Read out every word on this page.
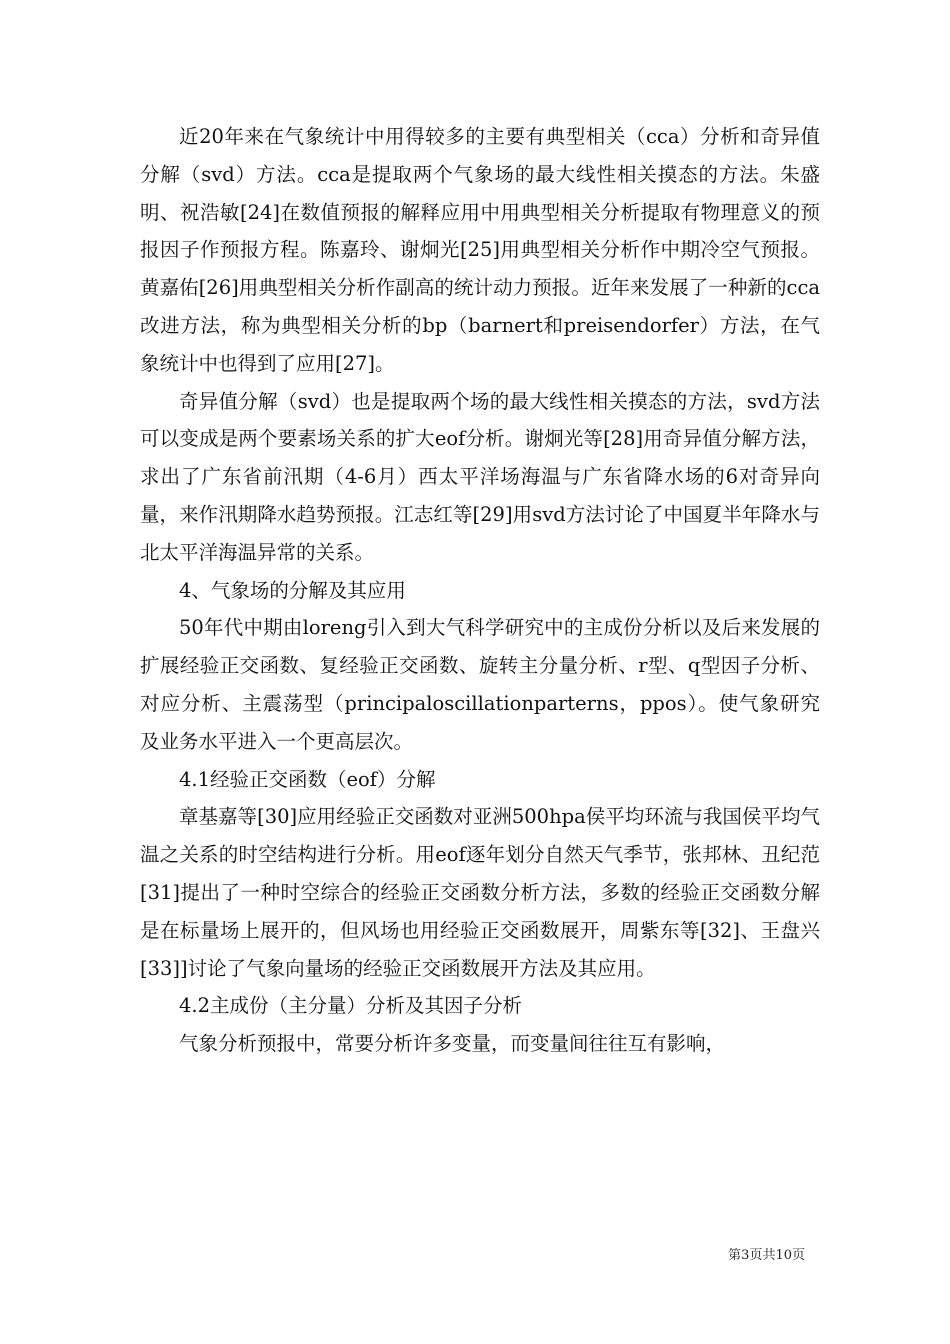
近20年来在气象统计中用得较多的主要有典型相关（cca）分析和奇异值分解（svd）方法。cca是提取两个气象场的最大线性相关摸态的方法。朱盛明、祝浩敏[24]在数值预报的解释应用中用典型相关分析提取有物理意义的预报因子作预报方程。陈嘉玲、谢炯光[25]用典型相关分析作中期冷空气预报。黄嘉佑[26]用典型相关分析作副高的统计动力预报。近年来发展了一种新的cca改进方法，称为典型相关分析的bp（barnert和preisendorfer）方法，在气象统计中也得到了应用[27]。

奇异值分解（svd）也是提取两个场的最大线性相关摸态的方法，svd方法可以变成是两个要素场关系的扩大eof分析。谢炯光等[28]用奇异值分解方法，求出了广东省前汛期（4-6月）西太平洋场海温与广东省降水场的6对奇异向量，来作汛期降水趋势预报。江志红等[29]用svd方法讨论了中国夏半年降水与北太平洋海温异常的关系。

4、气象场的分解及其应用

50年代中期由loreng引入到大气科学研究中的主成份分析以及后来发展的扩展经验正交函数、复经验正交函数、旋转主分量分析、r型、q型因子分析、对应分析、主震荡型（principaloscillationparterns，ppos）。使气象研究及业务水平进入一个更高层次。

4.1经验正交函数（eof）分解

章基嘉等[30]应用经验正交函数对亚洲500hpa侯平均环流与我国侯平均气温之关系的时空结构进行分析。用eof逐年划分自然天气季节，张邦林、丑纪范[31]提出了一种时空综合的经验正交函数分析方法，多数的经验正交函数分解是在标量场上展开的，但风场也用经验正交函数展开，周紫东等[32]、王盘兴[33]]讨论了气象向量场的经验正交函数展开方法及其应用。

4.2主成份（主分量）分析及其因子分析

气象分析预报中，常要分析许多变量，而变量间往往互有影响，

第3页共10页
